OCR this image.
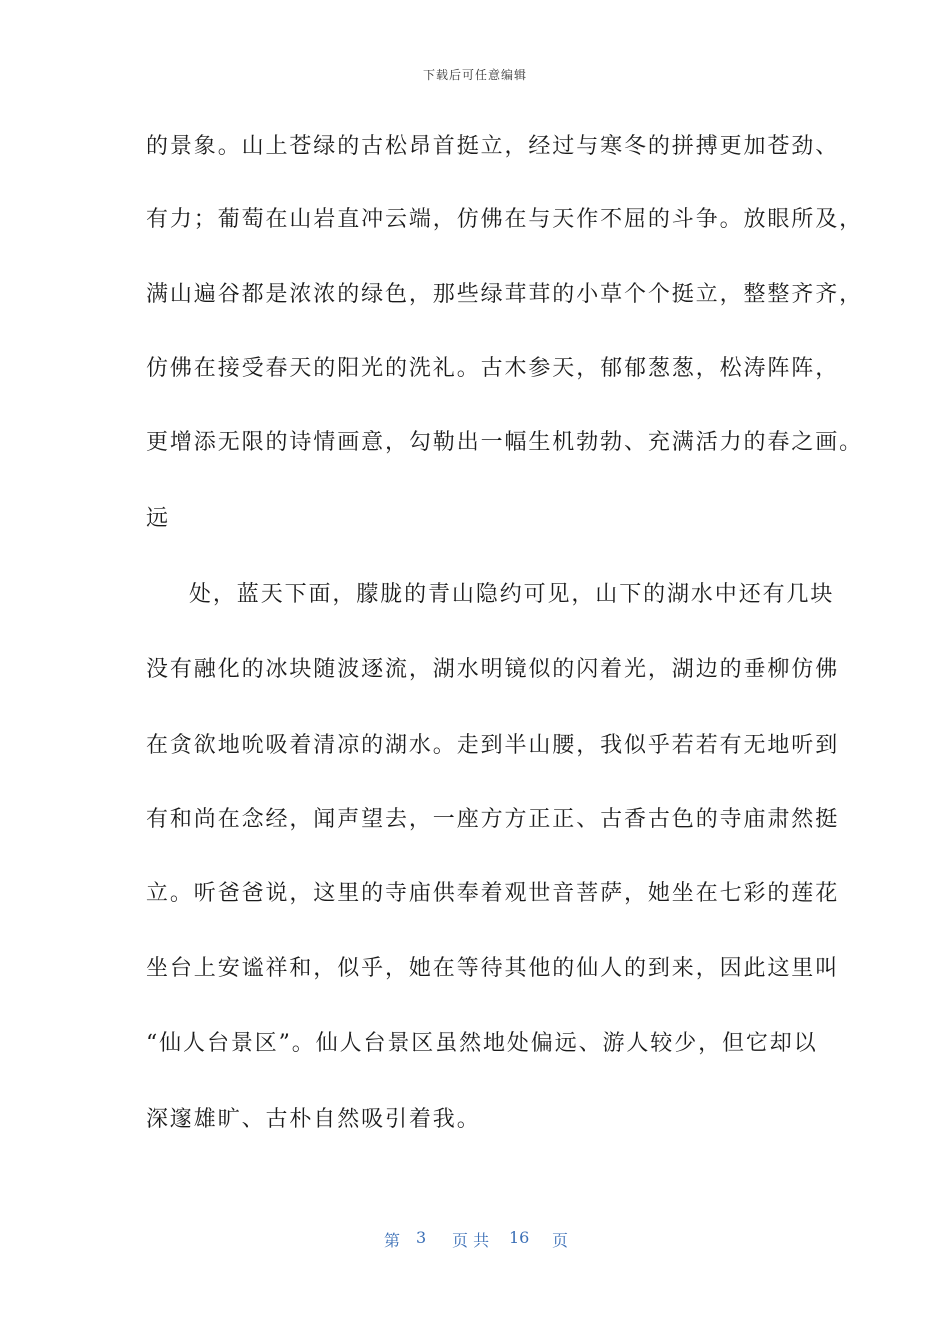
下载后可任意编辑
的景象。山上苍绿的古松昂首挺立，经过与寒冬的拼搏更加苍劲、
有力；葡萄在山岩直冲云端，仿佛在与天作不屈的斗争。放眼所及，
满山遍谷都是浓浓的绿色，那些绿茸茸的小草个个挺立，整整齐齐，
仿佛在接受春天的阳光的洗礼。古木参天，郁郁葱葱，松涛阵阵，
更增添无限的诗情画意，勾勒出一幅生机勃勃、充满活力的春之画。
远
处，蓝天下面，朦胧的青山隐约可见，山下的湖水中还有几块
没有融化的冰块随波逐流，湖水明镜似的闪着光，湖边的垂柳仿佛
在贪欲地吮吸着清凉的湖水。走到半山腰，我似乎若若有无地听到
有和尚在念经，闻声望去，一座方方正正、古香古色的寺庙肃然挺
立。听爸爸说，这里的寺庙供奉着观世音菩萨，她坐在七彩的莲花
坐台上安谧祥和，似乎，她在等待其他的仙人的到来，因此这里叫
“仙人台景区”。仙人台景区虽然地处偏远、游人较少，但它却以
深邃雄旷、古朴自然吸引着我。
第 3 页 共 16 页
